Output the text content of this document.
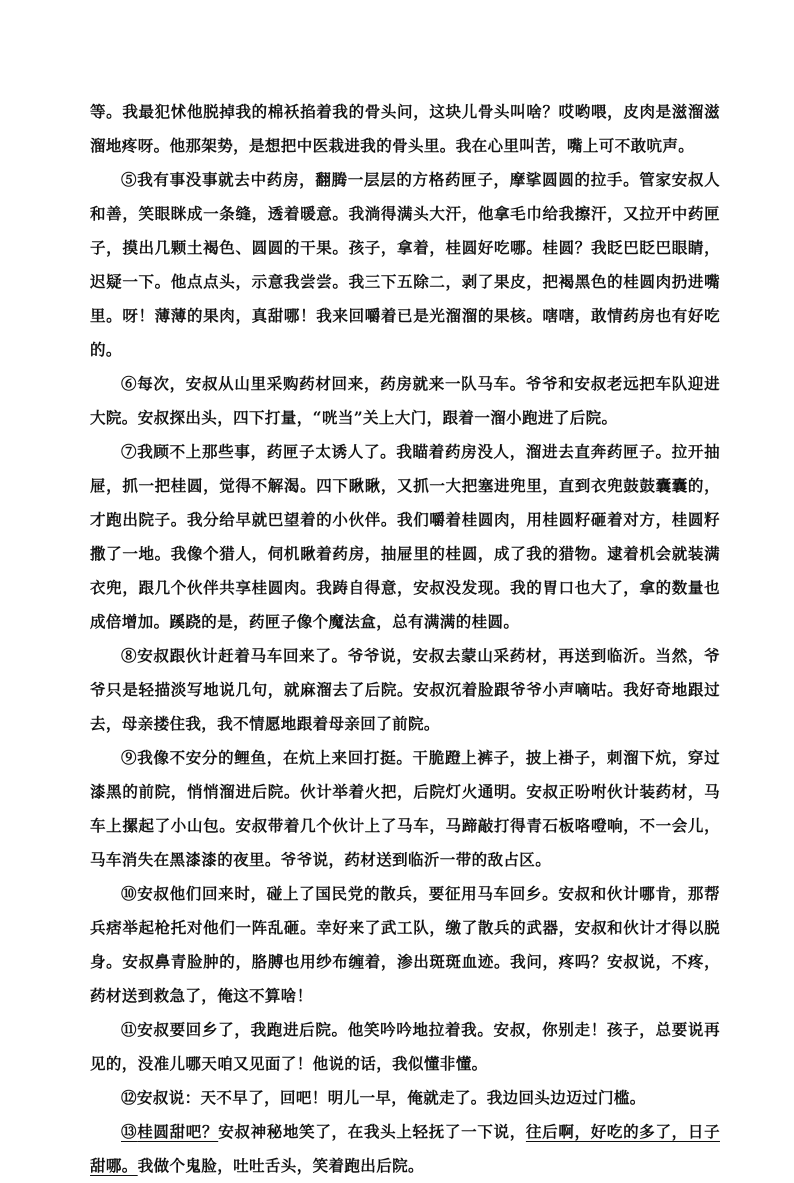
等。我最犯怵他脱掉我的棉袄掐着我的骨头问，这块儿骨头叫啥？哎哟喂，皮肉是滋溜滋溜地疼呀。他那架势，是想把中医栽进我的骨头里。我在心里叫苦，嘴上可不敢吭声。

⑤我有事没事就去中药房，翻腾一层层的方格药匣子，摩挲圆圆的拉手。管家安叔人和善，笑眼眯成一条缝，透着暖意。我淌得满头大汗，他拿毛巾给我擦汗，又拉开中药匣子，摸出几颗土褐色、圆圆的干果。孩子，拿着，桂圆好吃哪。桂圆？我眨巴眨巴眼睛，迟疑一下。他点点头，示意我尝尝。我三下五除二，剥了果皮，把褐黑色的桂圆肉扔进嘴里。呀！薄薄的果肉，真甜哪！我来回嚼着已是光溜溜的果核。嗐嗐，敢情药房也有好吃的。

⑥每次，安叔从山里采购药材回来，药房就来一队马车。爷爷和安叔老远把车队迎进大院。安叔探出头，四下打量，“咣当”关上大门，跟着一溜小跑进了后院。

⑦我顾不上那些事，药匣子太诱人了。我瞄着药房没人，溜进去直奔药匣子。拉开抽屉，抓一把桂圆，觉得不解渴。四下瞅瞅，又抓一大把塞进兜里，直到衣兜鼓鼓囊囊的，才跑出院子。我分给早就巴望着的小伙伴。我们嚼着桂圆肉，用桂圆籽砸着对方，桂圆籽撒了一地。我像个猎人，伺机瞅着药房，抽屉里的桂圆，成了我的猎物。逮着机会就装满衣兜，跟几个伙伴共享桂圆肉。我踌自得意，安叔没发现。我的胃口也大了，拿的数量也成倍增加。蹊跷的是，药匣子像个魔法盒，总有满满的桂圆。

⑧安叔跟伙计赶着马车回来了。爷爷说，安叔去蒙山采药材，再送到临沂。当然，爷爷只是轻描淡写地说几句，就麻溜去了后院。安叔沉着脸跟爷爷小声嘀咕。我好奇地跟过去，母亲搂住我，我不情愿地跟着母亲回了前院。

⑨我像不安分的鲤鱼，在炕上来回打挺。干脆蹬上裤子，披上褂子，刺溜下炕，穿过漆黑的前院，悄悄溜进后院。伙计举着火把，后院灯火通明。安叔正吩咐伙计装药材，马车上摞起了小山包。安叔带着几个伙计上了马车，马蹄敲打得青石板咯噔响，不一会儿，马车消失在黑漆漆的夜里。爷爷说，药材送到临沂一带的敌占区。

⑩安叔他们回来时，碰上了国民党的散兵，要征用马车回乡。安叔和伙计哪肯，那帮兵痞举起枪托对他们一阵乱砸。幸好来了武工队，缴了散兵的武器，安叔和伙计才得以脱身。安叔鼻青脸肿的，胳膊也用纱布缠着，渗出斑斑血迹。我问，疼吗？安叔说，不疼，药材送到救急了，俺这不算啥！

⑪安叔要回乡了，我跑进后院。他笑吟吟地拉着我。安叔，你别走！孩子，总要说再见的，没准儿哪天咱又见面了！他说的话，我似懂非懂。

⑫安叔说：天不早了，回吧！明儿一早，俺就走了。我边回头边迈过门槛。

⑬桂圆甜吧？安叔神秘地笑了，在我头上轻抚了一下说，往后啊，好吃的多了，日子甜哪。我做个鬼脸，吐吐舌头，笑着跑出后院。
